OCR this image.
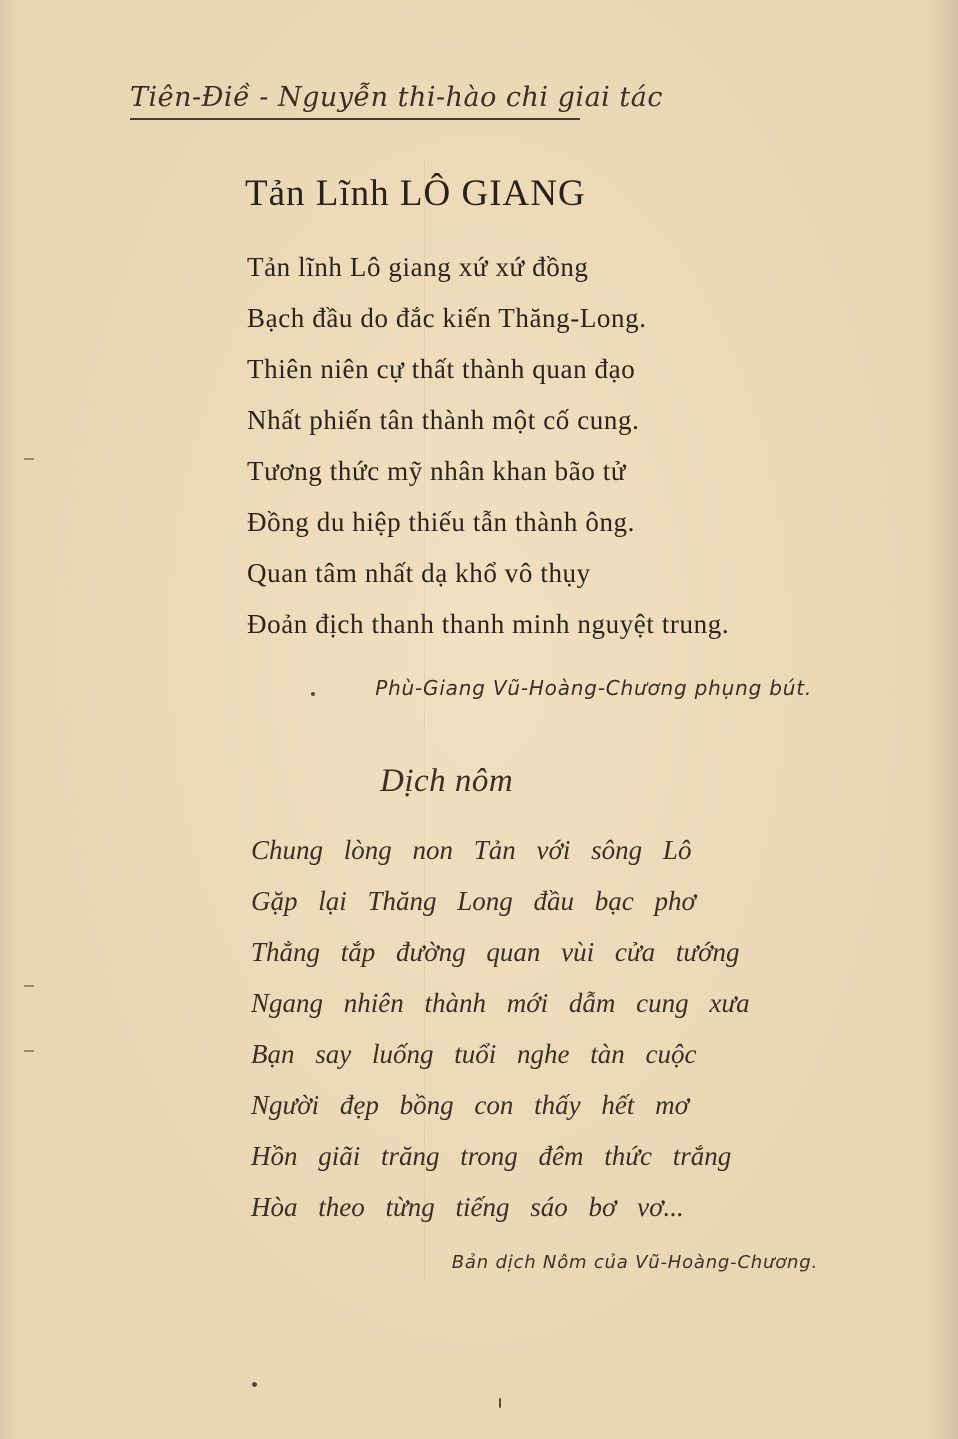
Tiên-Điề - Nguyễn thi-hào chi giai tác
Tản Lĩnh LÔ GIANG
Tản lĩnh Lô giang xứ xứ đồng
Bạch đầu do đắc kiến Thăng-Long.
Thiên niên cự thất thành quan đạo
Nhất phiến tân thành một cố cung.
Tương thức mỹ nhân khan bão tử
Đồng du hiệp thiếu tẫn thành ông.
Quan tâm nhất dạ khổ vô thụy
Đoản địch thanh thanh minh nguyệt trung.
Phù-Giang Vũ-Hoàng-Chương phụng bút.
Dịch nôm
Chung lòng non Tản với sông Lô
Gặp lại Thăng Long đầu bạc phơ
Thẳng tắp đường quan vùi cửa tướng
Ngang nhiên thành mới dẫm cung xưa
Bạn say luống tuổi nghe tàn cuộc
Người đẹp bồng con thấy hết mơ
Hồn giãi trăng trong đêm thức trắng
Hòa theo từng tiếng sáo bơ vơ...
Bản dịch Nôm của Vũ-Hoàng-Chương.
